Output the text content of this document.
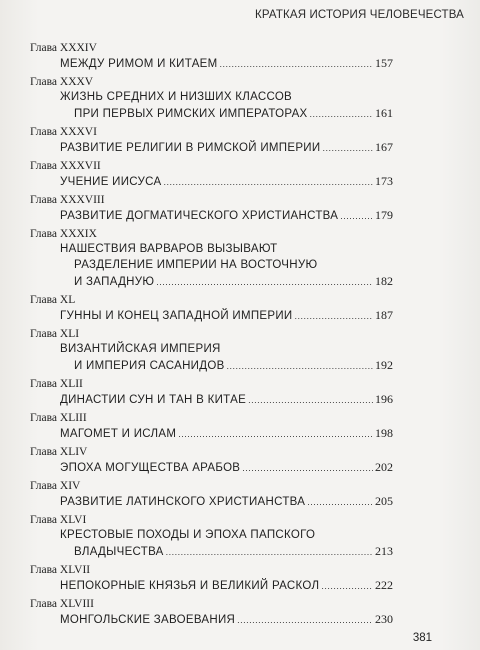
КРАТКАЯ ИСТОРИЯ ЧЕЛОВЕЧЕСТВА
Глава XXXIV
МЕЖДУ РИМОМ И КИТАЕМ .....	157
Глава XXXV
ЖИЗНЬ СРЕДНИХ И НИЗШИХ КЛАССОВ
ПРИ ПЕРВЫХ РИМСКИХ ИМПЕРАТОРАХ .....	161
Глава XXXVI
РАЗВИТИЕ РЕЛИГИИ В РИМСКОЙ ИМПЕРИИ .....	167
Глава XXXVII
УЧЕНИЕ ИИСУСА .....	173
Глава XXXVIII
РАЗВИТИЕ ДОГМАТИЧЕСКОГО ХРИСТИАНСТВА .....	179
Глава XXXIX
НАШЕСТВИЯ ВАРВАРОВ ВЫЗЫВАЮТ
РАЗДЕЛЕНИЕ ИМПЕРИИ НА ВОСТОЧНУЮ
И ЗАПАДНУЮ .....	182
Глава XL
ГУННЫ И КОНЕЦ ЗАПАДНОЙ ИМПЕРИИ .....	187
Глава XLI
ВИЗАНТИЙСКАЯ ИМПЕРИЯ
И ИМПЕРИЯ САСАНИДОВ .....	192
Глава XLII
ДИНАСТИИ СУН И ТАН В КИТАЕ .....	196
Глава XLIII
МАГОМЕТ И ИСЛАМ .....	198
Глава XLIV
ЭПОХА МОГУЩЕСТВА АРАБОВ .....	202
Глава XIV
РАЗВИТИЕ ЛАТИНСКОГО ХРИСТИАНСТВА .....	205
Глава XLVI
КРЕСТОВЫЕ ПОХОДЫ И ЭПОХА ПАПСКОГО
ВЛАДЫЧЕСТВА .....	213
Глава XLVII
НЕПОКОРНЫЕ КНЯЗЬЯ И ВЕЛИКИЙ РАСКОЛ .....	222
Глава XLVIII
МОНГОЛЬСКИЕ ЗАВОЕВАНИЯ .....	230
381
